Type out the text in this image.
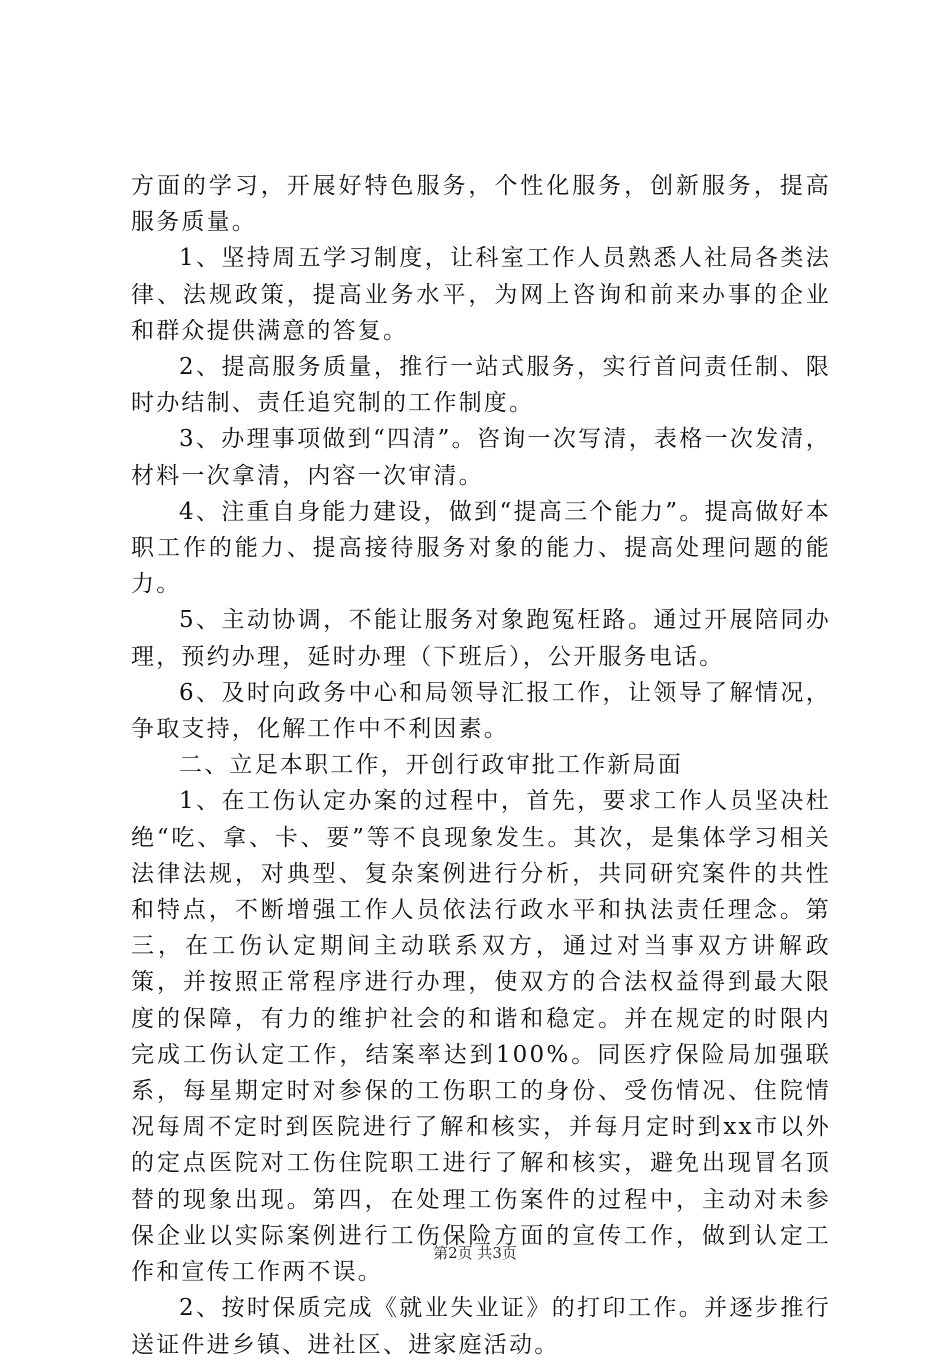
方面的学习，开展好特色服务，个性化服务，创新服务，提高服务质量。

1、坚持周五学习制度，让科室工作人员熟悉人社局各类法律、法规政策，提高业务水平，为网上咨询和前来办事的企业和群众提供满意的答复。

2、提高服务质量，推行一站式服务，实行首问责任制、限时办结制、责任追究制的工作制度。

3、办理事项做到“四清”。咨询一次写清，表格一次发清，材料一次拿清，内容一次审清。

4、注重自身能力建设，做到“提高三个能力”。提高做好本职工作的能力、提高接待服务对象的能力、提高处理问题的能力。

5、主动协调，不能让服务对象跑冤枉路。通过开展陪同办理，预约办理，延时办理（下班后），公开服务电话。

6、及时向政务中心和局领导汇报工作，让领导了解情况，争取支持，化解工作中不利因素。

二、立足本职工作，开创行政审批工作新局面

1、在工伤认定办案的过程中，首先，要求工作人员坚决杜绝“吃、拿、卡、要”等不良现象发生。其次，是集体学习相关法律法规，对典型、复杂案例进行分析，共同研究案件的共性和特点，不断增强工作人员依法行政水平和执法责任理念。第三，在工伤认定期间主动联系双方，通过对当事双方讲解政策，并按照正常程序进行办理，使双方的合法权益得到最大限度的保障，有力的维护社会的和谐和稳定。并在规定的时限内完成工伤认定工作，结案率达到100%。同医疗保险局加强联系，每星期定时对参保的工伤职工的身份、受伤情况、住院情况每周不定时到医院进行了解和核实，并每月定时到xx市以外的定点医院对工伤住院职工进行了解和核实，避免出现冒名顶替的现象出现。第四，在处理工伤案件的过程中，主动对未参保企业以实际案例进行工伤保险方面的宣传工作，做到认定工作和宣传工作两不误。

2、按时保质完成《就业失业证》的打印工作。并逐步推行送证件进乡镇、进社区、进家庭活动。

第2页 共3页
